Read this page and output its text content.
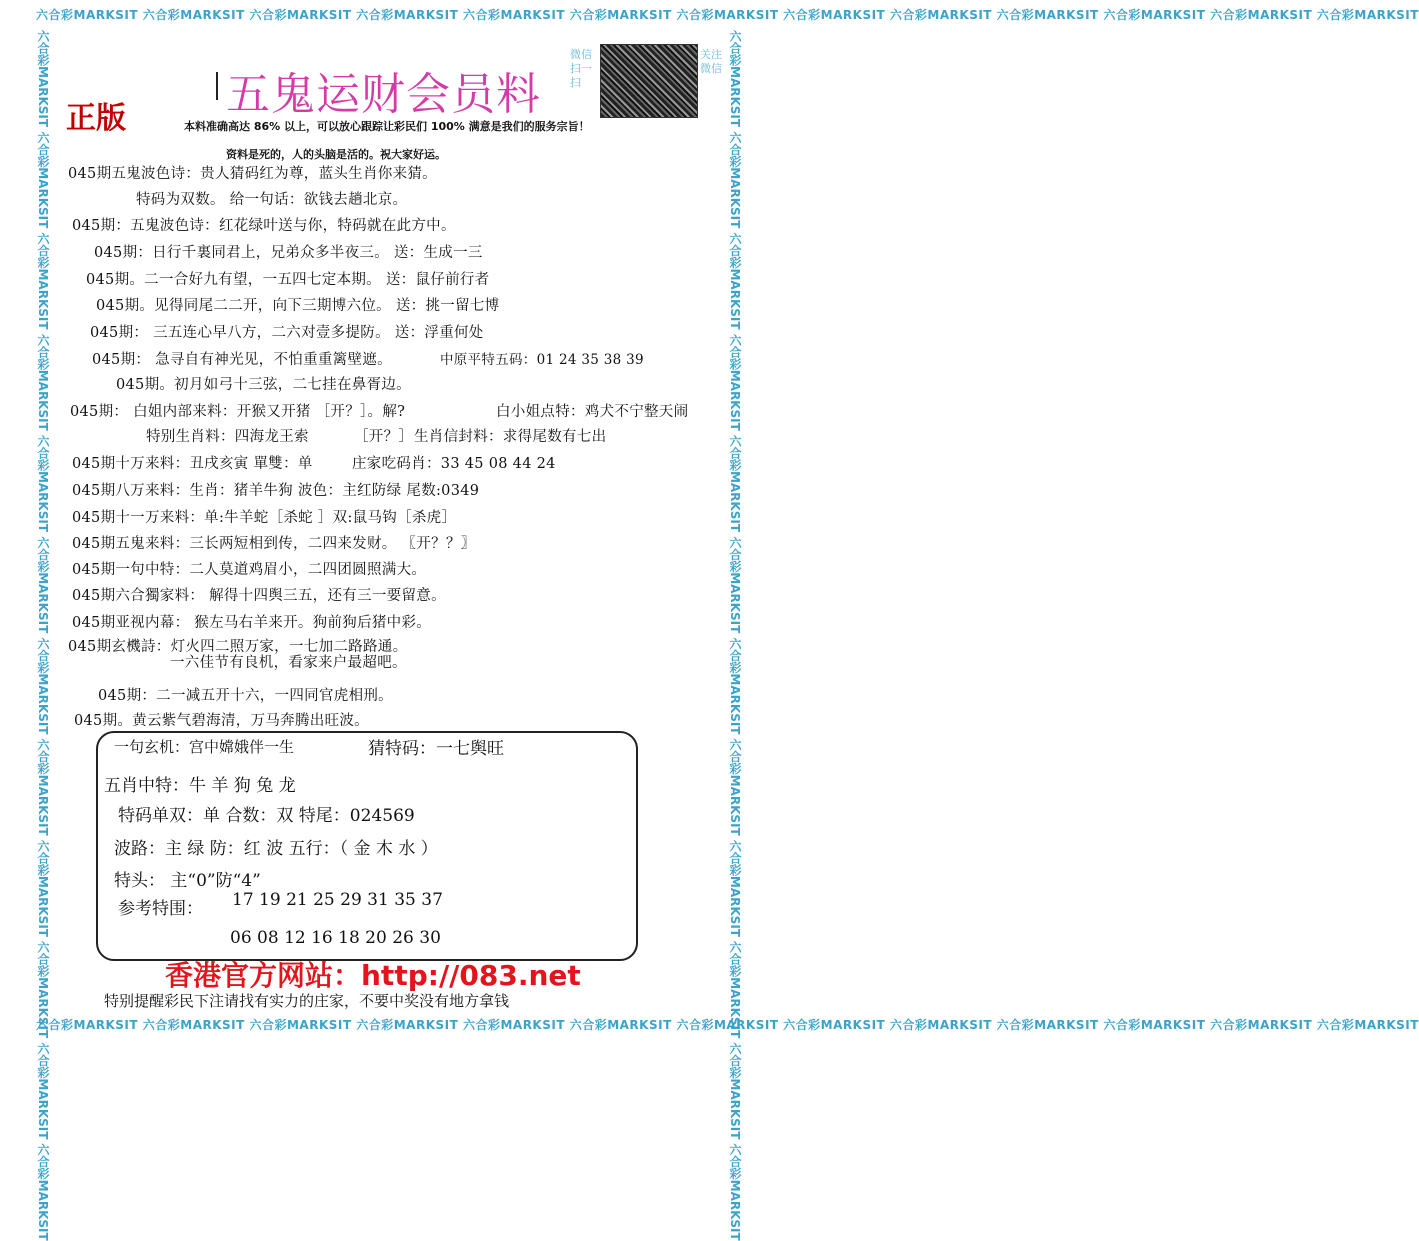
六合彩MARKSIT 六合彩MARKSIT 六合彩MARKSIT 六合彩MARKSIT 六合彩MARKSIT 六合彩MARKSIT 六合彩MARKSIT 六合彩MARKSIT 六合彩MARKSIT 六合彩MARKSIT 六合彩MARKSIT 六合彩MARKSIT 六合彩MARKSIT
六合彩MARKSIT 六合彩MARKSIT 六合彩MARKSIT 六合彩MARKSIT 六合彩MARKSIT 六合彩MARKSIT 六合彩MARKSIT 六合彩MARKSIT 六合彩MARKSIT 六合彩MARKSIT 六合彩MARKSIT 六合彩MARKSIT 六合彩MARKSIT
六合彩MARKSIT 六合彩MARKSIT 六合彩MARKSIT 六合彩MARKSIT 六合彩MARKSIT 六合彩MARKSIT 六合彩MARKSIT 六合彩MARKSIT 六合彩MARKSIT 六合彩MARKSIT 六合彩MARKSIT 六合彩MARKSIT	六合彩MARKSIT 六合彩MARKSIT 六合彩MARKSIT 六合彩MARKSIT 六合彩MARKSIT 六合彩MARKSIT 六合彩MARKSIT 六合彩MARKSIT 六合彩MARKSIT 六合彩MARKSIT 六合彩MARKSIT 六合彩MARKSIT
五鬼运财会员料
正版
微信扫一扫
关注微信
本料准确高达 86% 以上，可以放心跟踪让彩民们 100% 满意是我们的服务宗旨！
资料是死的，人的头脑是活的。祝大家好运。
045期五鬼波色诗：贵人猜码红为尊，蓝头生肖你来猜。
特码为双数。 给一句话：欲钱去趟北京。
045期：五鬼波色诗：红花绿叶送与你，特码就在此方中。
045期：日行千裏同君上，兄弟众多半夜三。 送：生成一三
045期。二一合好九有望，一五四七定本期。 送：鼠仔前行者
045期。见得同尾二二开，向下三期博六位。 送：挑一留七博
045期： 三五连心早八方，二六对壹多提防。 送：浮重何处
045期： 急寻自有神光见，不怕重重篱壁遮。	中原平特五码：01 24 35 38 39
045期。初月如弓十三弦，二七挂在鼻胥边。
045期： 白姐内部来料：开猴又开猪 ［开？］。解?	白小姐点特：鸡犬不宁整天闹
特别生肖料：四海龙王索	［开？］ 生肖信封料：求得尾数有七出
045期十万来料：丑戌亥寅 單雙：单	庄家吃码肖：33 45 08 44 24
045期八万来料：生肖：猪羊牛狗 波色：主红防绿 尾数:0349
045期十一万来料：单:牛羊蛇［杀蛇 ］双:鼠马钩［杀虎］
045期五鬼来料：三长两短相到传，二四来发财。 〖开？？〗
045期一句中特：二人莫道鸡眉小，二四团圆照满大。
045期六合獨家料： 解得十四舆三五，还有三一要留意。
045期亚视内幕： 猴左马右羊来开。狗前狗后猪中彩。
045期玄機詩：灯火四二照万家，一七加二路路通。
一六佳节有良机，看家来户最超吧。
045期：二一减五开十六，一四同官虎相刑。
045期。黄云紫气碧海清，万马奔腾出旺波。
一句玄机：宫中嫦娥伴一生	猜特码：一七舆旺
五肖中特：牛 羊 狗 兔 龙
特码单双：单 合数：双 特尾：024569
波路：主 绿 防：红 波 五行：（ 金 木 水 ）
特头： 主“0”防“4”
参考特围： 17 19 21 25 29 31 35 37
06 08 12 16 18 20 26 30
香港官方网站：http://083.net
特别提醒彩民下注请找有实力的庄家，不要中奖没有地方拿钱
